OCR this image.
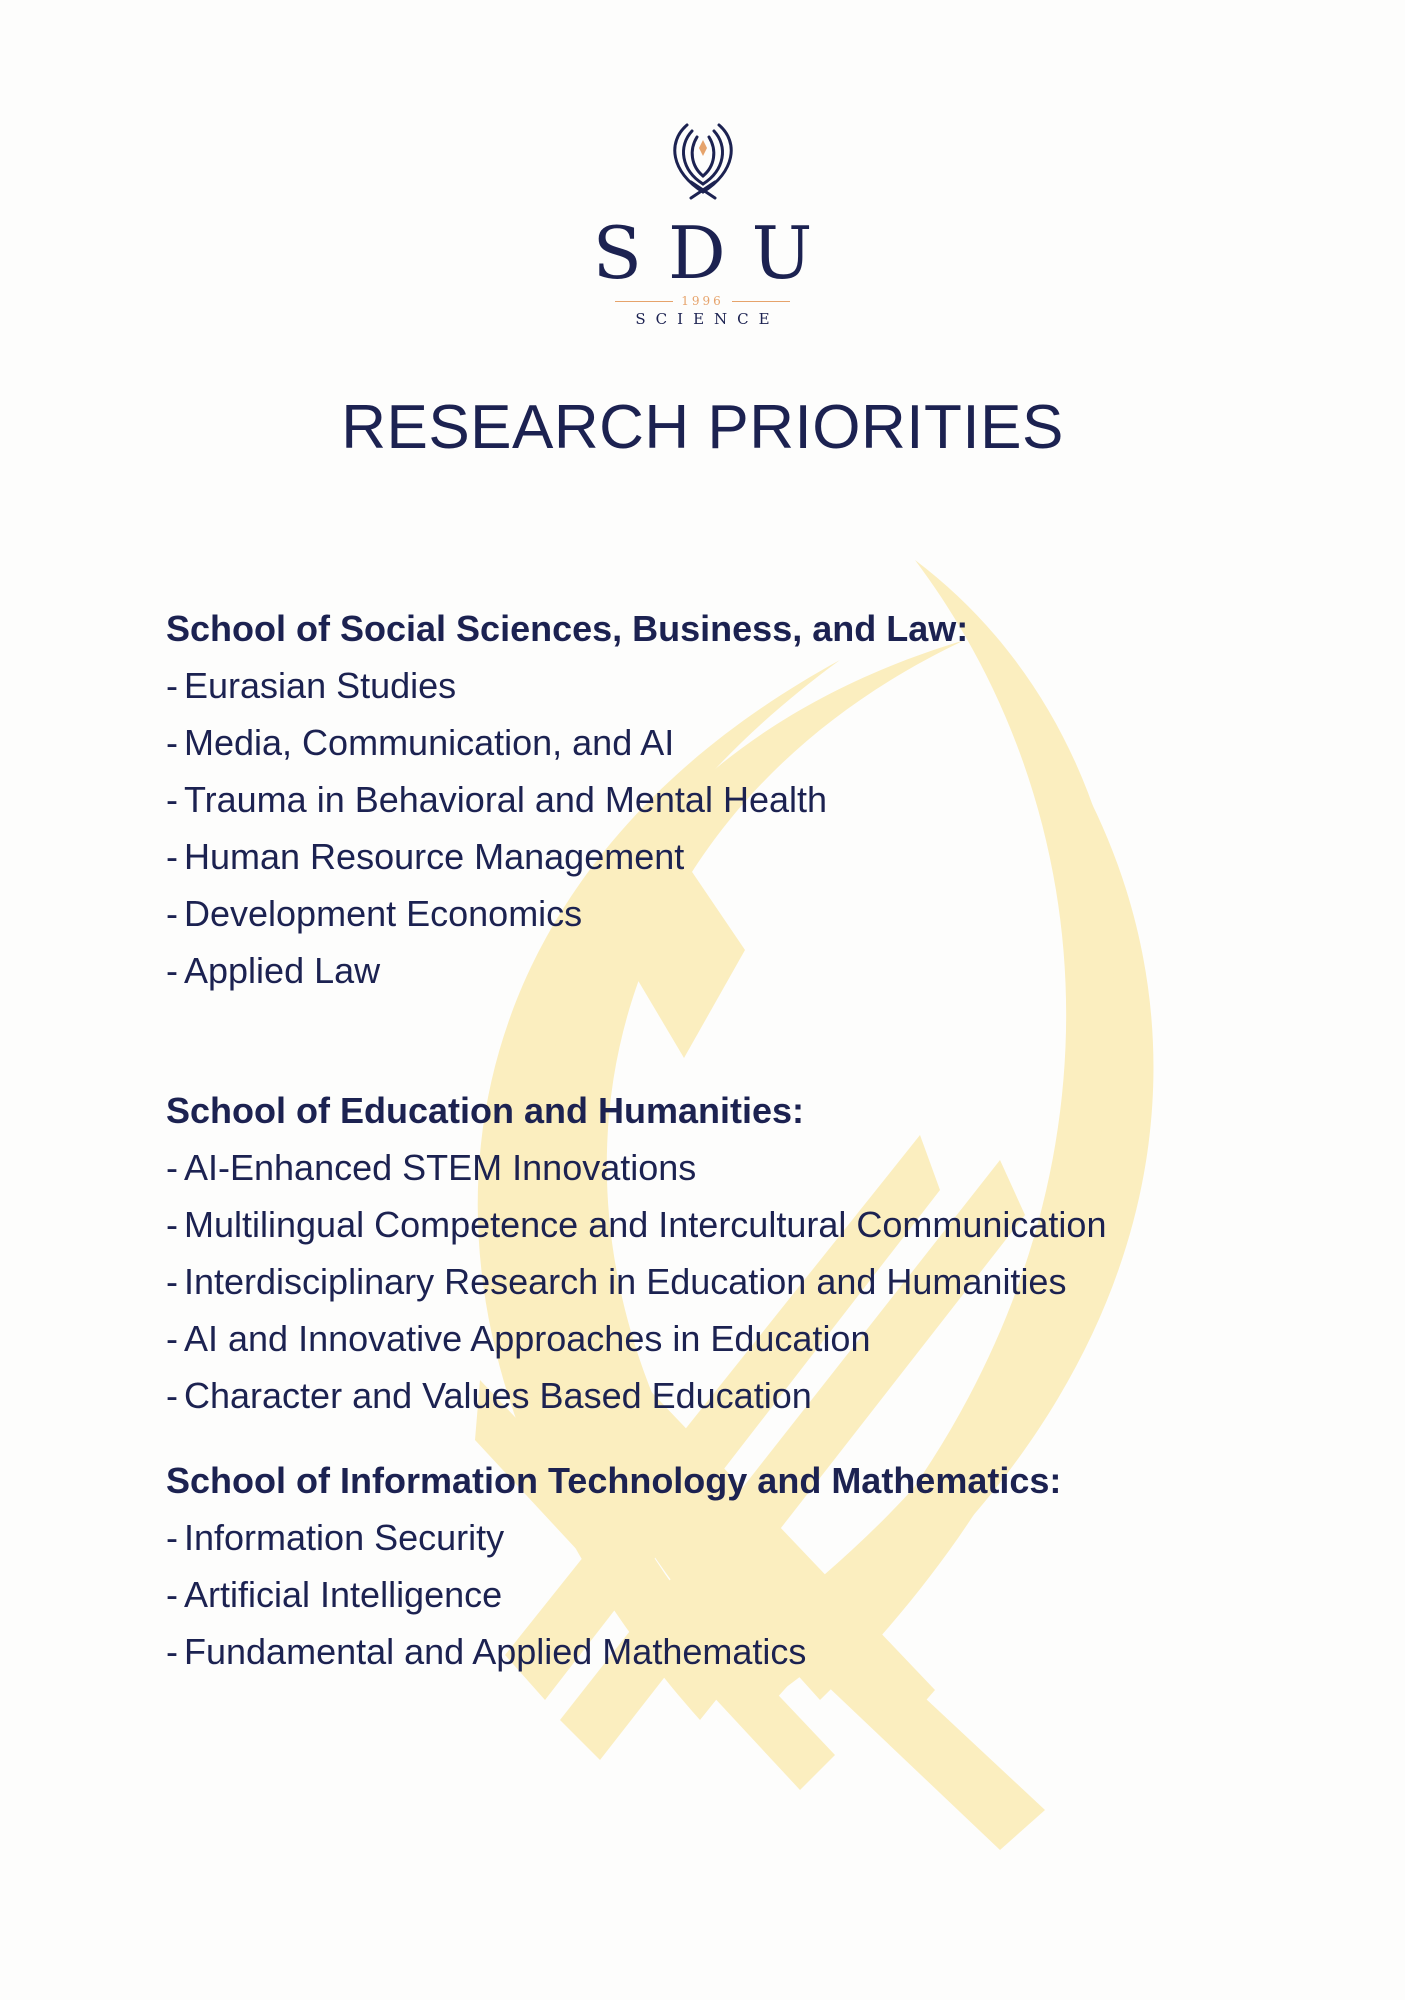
SDU
1996
SCIENCE
RESEARCH PRIORITIES
School of Social Sciences, Business, and Law:
- Eurasian Studies
- Media, Communication, and AI
- Trauma in Behavioral and Mental Health
- Human Resource Management
- Development Economics
- Applied Law
School of Education and Humanities:
- AI-Enhanced STEM Innovations
- Multilingual Competence and Intercultural Communication
- Interdisciplinary Research in Education and Humanities
- AI and Innovative Approaches in Education
- Character and Values Based Education
School of Information Technology and Mathematics:
- Information Security
- Artificial Intelligence
- Fundamental and Applied Mathematics
